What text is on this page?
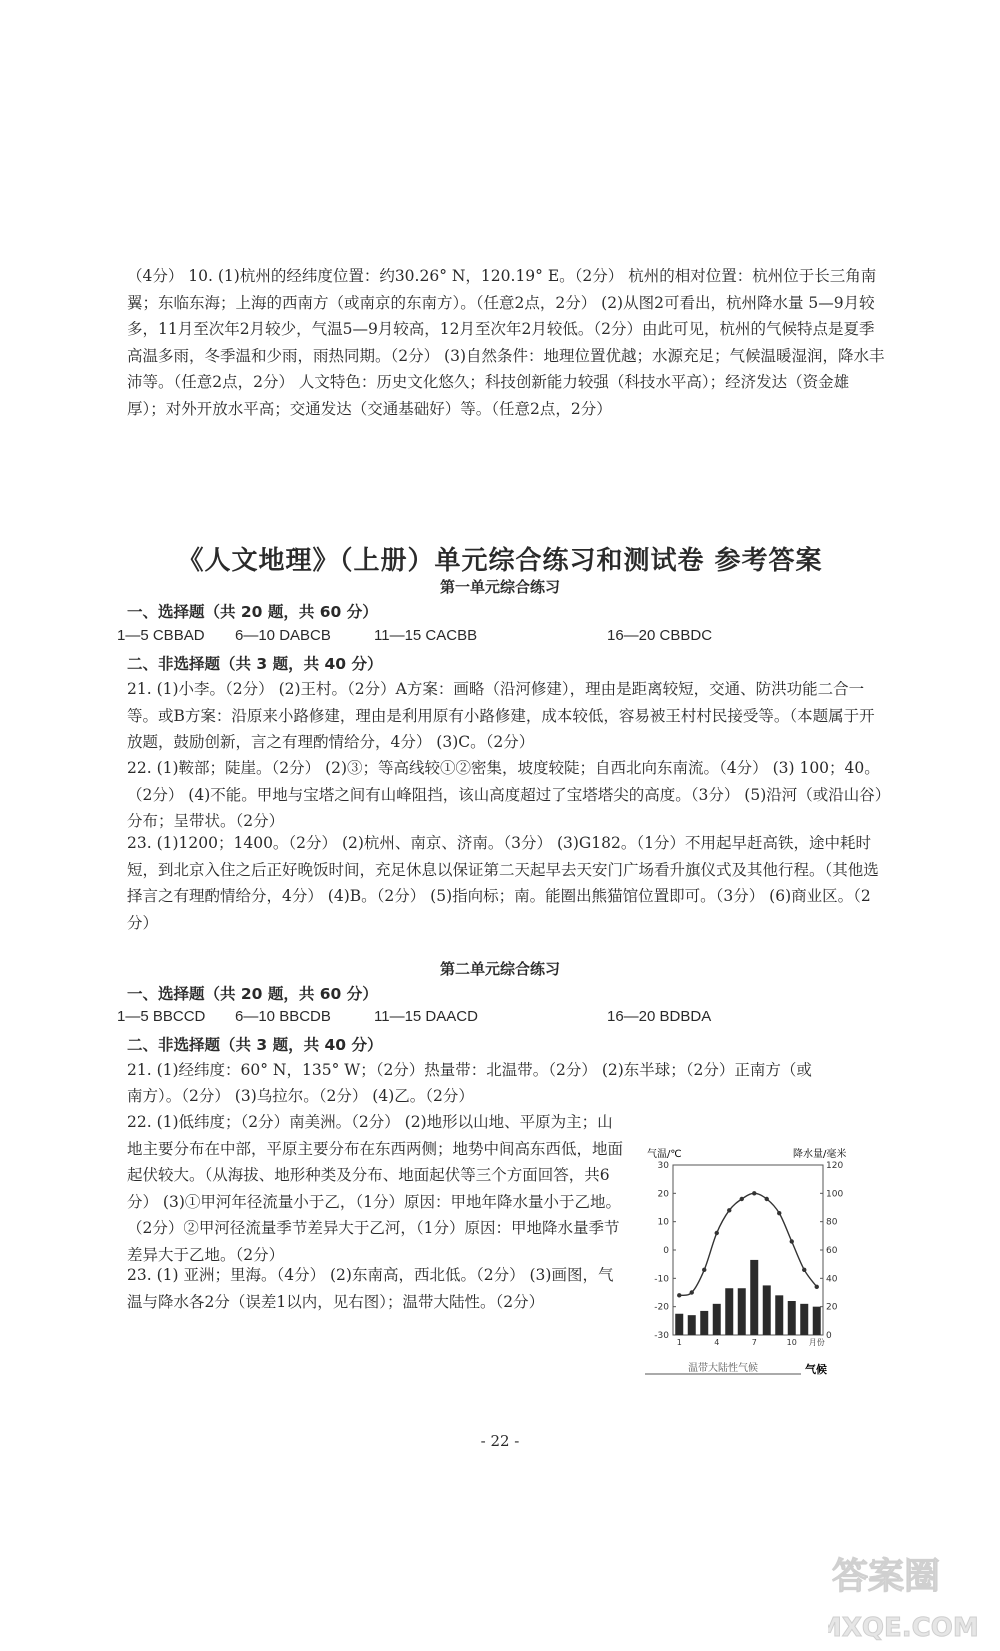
（4分） 10. (1)杭州的经纬度位置：约30.26° N，120.19° E。（2分） 杭州的相对位置：杭州位于长三角南翼；东临东海；上海的西南方（或南京的东南方）。（任意2点，2分） (2)从图2可看出，杭州降水量 5—9月较多，11月至次年2月较少，气温5—9月较高，12月至次年2月较低。（2分）由此可见，杭州的气候特点是夏季高温多雨，冬季温和少雨，雨热同期。（2分） (3)自然条件：地理位置优越；水源充足；气候温暖湿润，降水丰沛等。（任意2点，2分） 人文特色：历史文化悠久；科技创新能力较强（科技水平高）；经济发达（资金雄厚）；对外开放水平高；交通发达（交通基础好）等。（任意2点，2分）
《人文地理》（上册）单元综合练习和测试卷 参考答案
第一单元综合练习
一、选择题（共 20 题，共 60 分）
1—5 CBBAD 6—10 DABCB	11—15 CACBB	16—20 CBBDC
二、非选择题（共 3 题，共 40 分）
21. (1)小李。（2分） (2)王村。（2分）A方案：画略（沿河修建），理由是距离较短，交通、防洪功能二合一等。或B方案：沿原来小路修建，理由是利用原有小路修建，成本较低，容易被王村村民接受等。（本题属于开放题，鼓励创新，言之有理酌情给分，4分） (3)C。（2分）
22. (1)鞍部；陡崖。（2分） (2)③；等高线较①②密集，坡度较陡；自西北向东南流。（4分） (3) 100；40。（2分） (4)不能。甲地与宝塔之间有山峰阻挡，该山高度超过了宝塔塔尖的高度。（3分） (5)沿河（或沿山谷）分布；呈带状。（2分）
23. (1)1200；1400。（2分） (2)杭州、南京、济南。（3分） (3)G182。（1分）不用起早赶高铁，途中耗时短，到北京入住之后正好晚饭时间，充足休息以保证第二天起早去天安门广场看升旗仪式及其他行程。（其他选择言之有理酌情给分，4分） (4)B。（2分） (5)指向标；南。能圈出熊猫馆位置即可。（3分） (6)商业区。（2分）
第二单元综合练习
一、选择题（共 20 题，共 60 分）
1—5 BBCCD 6—10 BBCDB	11—15 DAACD	16—20 BDBDA
二、非选择题（共 3 题，共 40 分）
21. (1)经纬度：60° N，135° W；（2分）热量带：北温带。（2分） (2)东半球；（2分）正南方（或
南方）。（2分） (3)乌拉尔。（2分） (4)乙。（2分）
22. (1)低纬度；（2分）南美洲。（2分） (2)地形以山地、平原为主；山地主要分布在中部，平原主要分布在东西两侧；地势中间高东西低，地面起伏较大。（从海拔、地形种类及分布、地面起伏等三个方面回答，共6分） (3)①甲河年径流量小于乙，（1分）原因：甲地年降水量小于乙地。（2分）②甲河径流量季节差异大于乙河，（1分）原因：甲地降水量季节差异大于乙地。（2分）
23. (1) 亚洲；里海。（4分） (2)东南高，西北低。（2分） (3)画图，气温与降水各2分（误差1以内，见右图）；温带大陆性。（2分）
气温/℃	降水量/毫米
30
20
10
0
-10
-20
-30
120
100
80
60
40
20
0
1	4	7	10 月份
温带大陆性气候	气候
- 22 -
答案圈
MXQE.COM
